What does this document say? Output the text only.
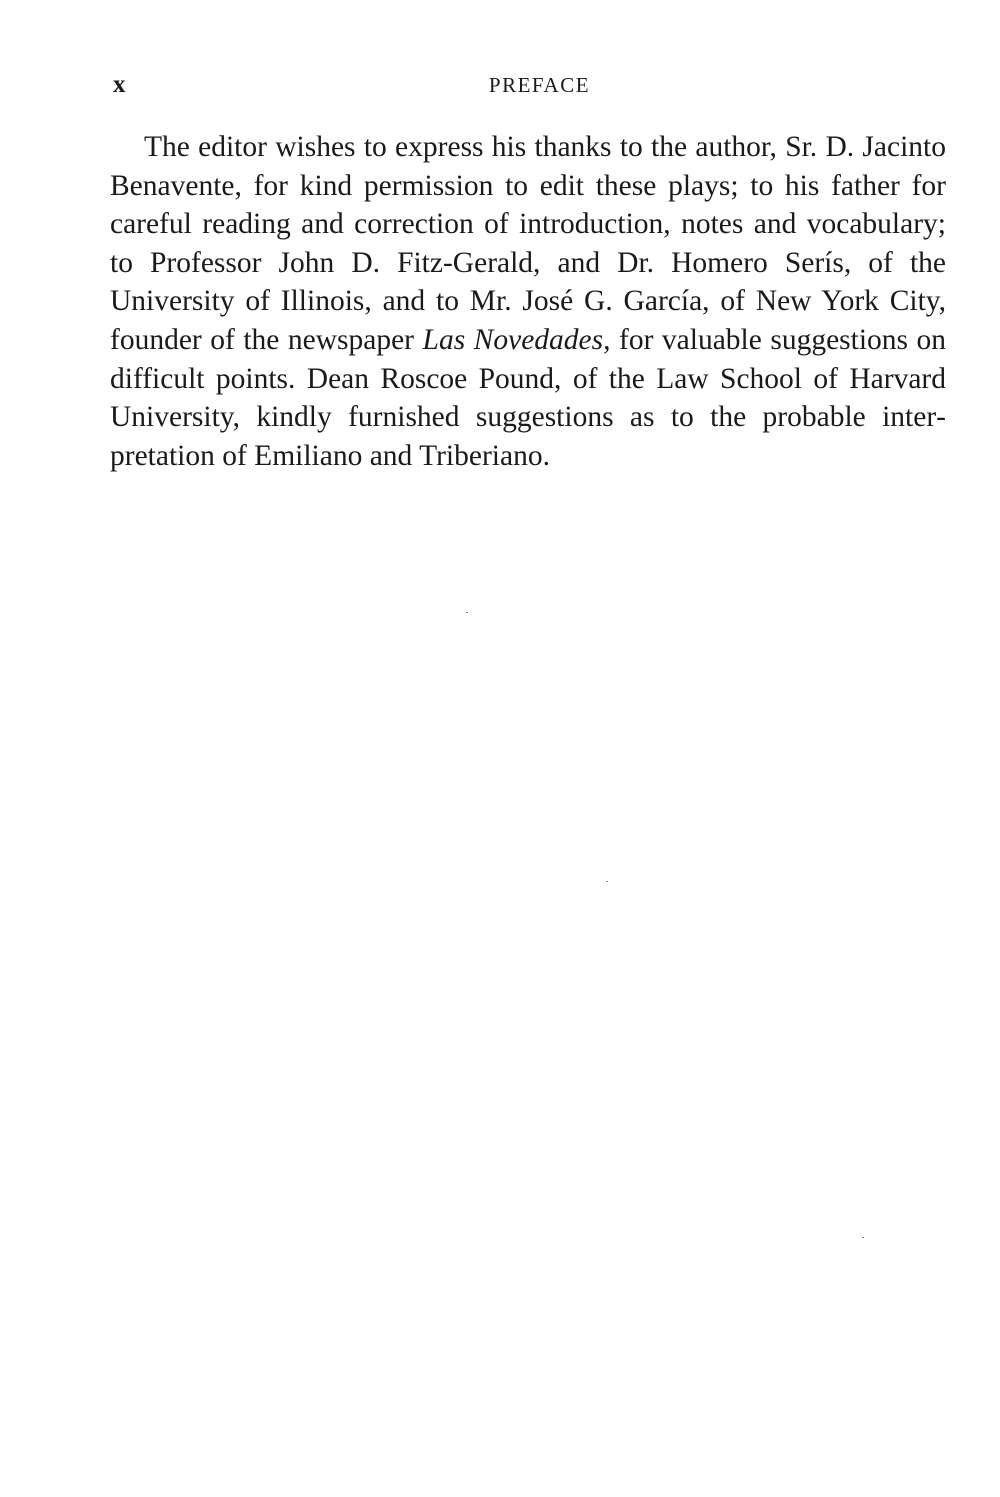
x	PREFACE

The editor wishes to express his thanks to the author, Sr. D. Jacinto Benavente, for kind permission to edit these plays; to his father for careful reading and correction of introduction, notes and vocabulary; to Professor John D. Fitz-Gerald, and Dr. Homero Serís, of the University of Illinois, and to Mr. José G. García, of New York City, founder of the newspaper Las Novedades, for valuable suggestions on difficult points. Dean Roscoe Pound, of the Law School of Harvard University, kindly furnished suggestions as to the probable interpretation of Emiliano and Triberiano.
